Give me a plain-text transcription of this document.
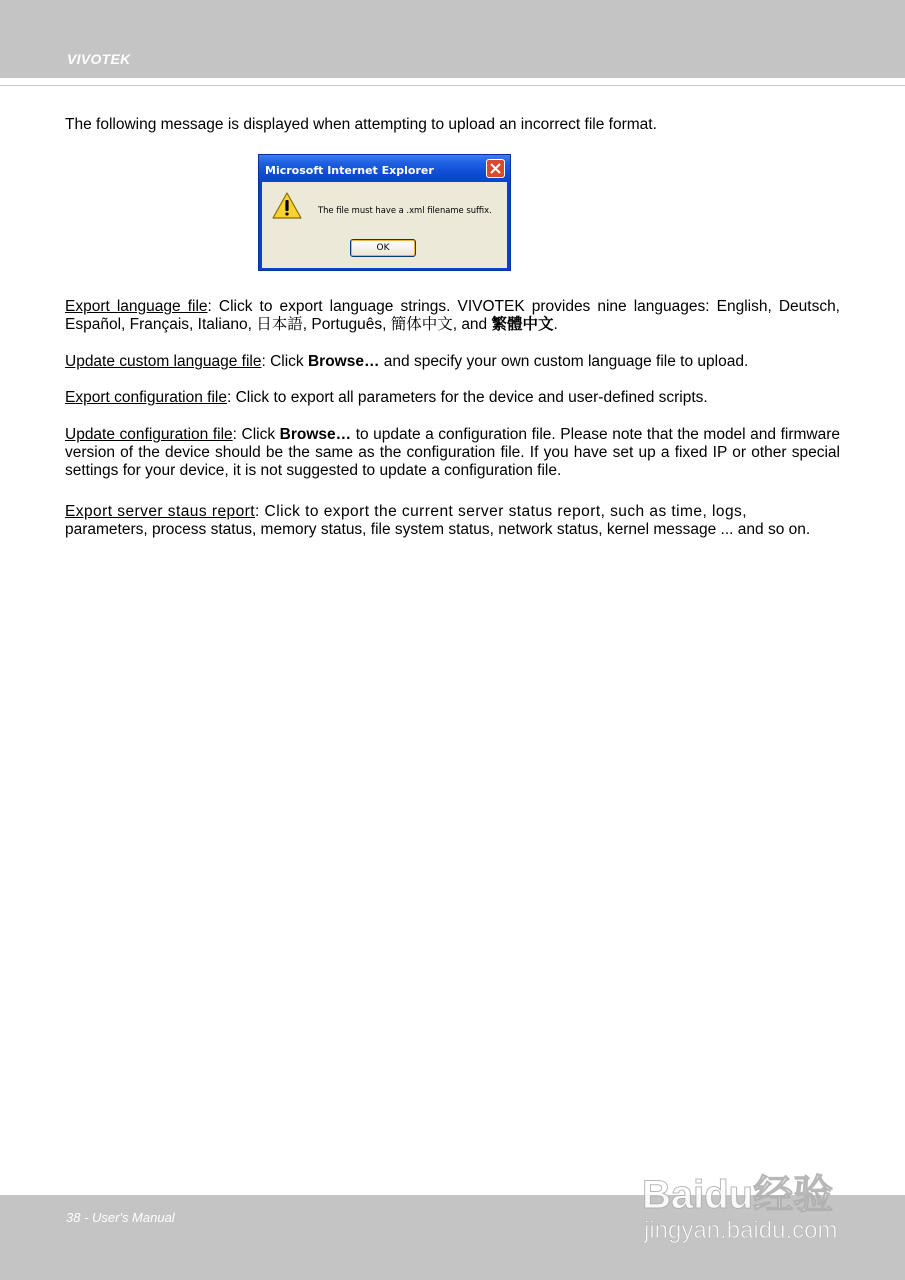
VIVOTEK

The following message is displayed when attempting to upload an incorrect file format.

Microsoft Internet Explorer
The file must have a .xml filename suffix.
OK

Export language file: Click to export language strings. VIVOTEK provides nine languages: English, Deutsch, Español, Français, Italiano, 日本語, Português, 簡体中文, and 繁體中文.

Update custom language file: Click Browse… and specify your own custom language file to upload.

Export configuration file: Click to export all parameters for the device and user-defined scripts.

Update configuration file: Click Browse… to update a configuration file. Please note that the model and firmware version of the device should be the same as the configuration file. If you have set up a fixed IP or other special settings for your device, it is not suggested to update a configuration file.

Export server staus report: Click to export the current server status report, such as time, logs,
parameters, process status, memory status, file system status, network status, kernel message ... and so on.

38 - User's Manual
Baidu经验
jingyan.baidu.com
